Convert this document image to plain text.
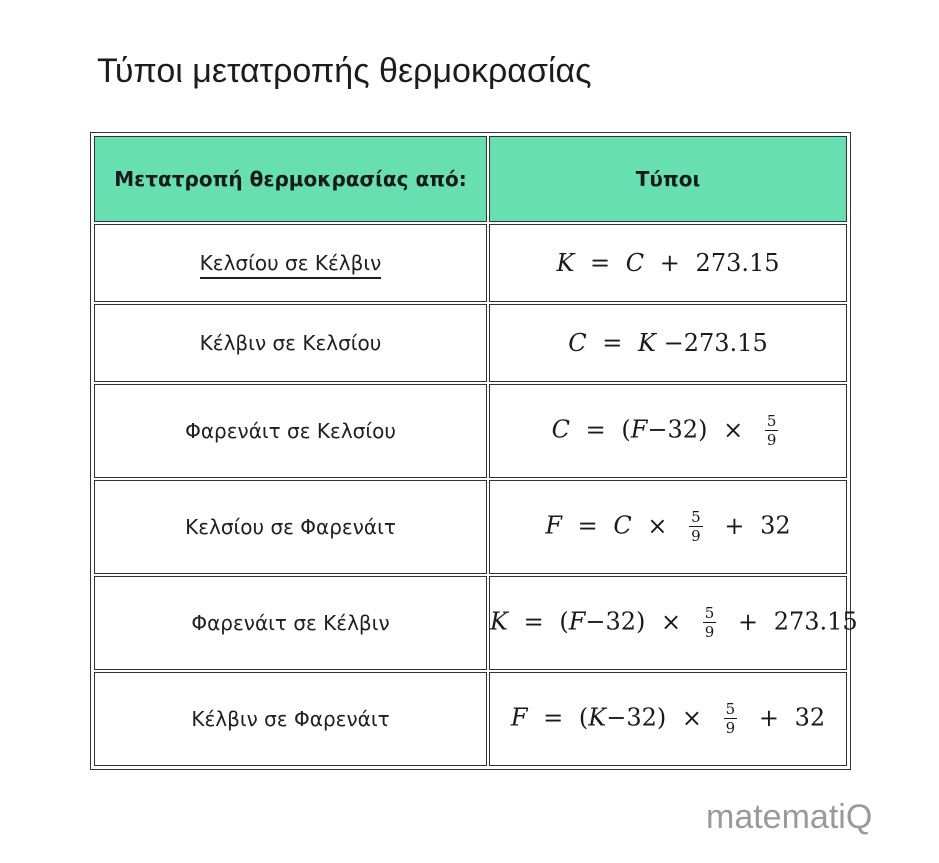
Τύποι μετατροπής θερμοκρασίας
Μετατροπή θερμοκρασίας από:	Τύποι
Κελσίου σε Κέλβιν	K = C + 273.15
Κέλβιν σε Κελσίου	C = K −273.15
Φαρενάιτ σε Κελσίου	$C = (F-32) \times \frac{5}{9}$

Κελσίου σε Φαρενάιτ	$F = C \times \frac{5}{9} + 32$
Φαρενάιτ σε Κέλβιν	$K = (F-32) \times \frac{5}{9} + 273.15$
Κέλβιν σε Φαρενάιτ	$F = (K-32) \times \frac{5}{9} + 32$
matematiQ
